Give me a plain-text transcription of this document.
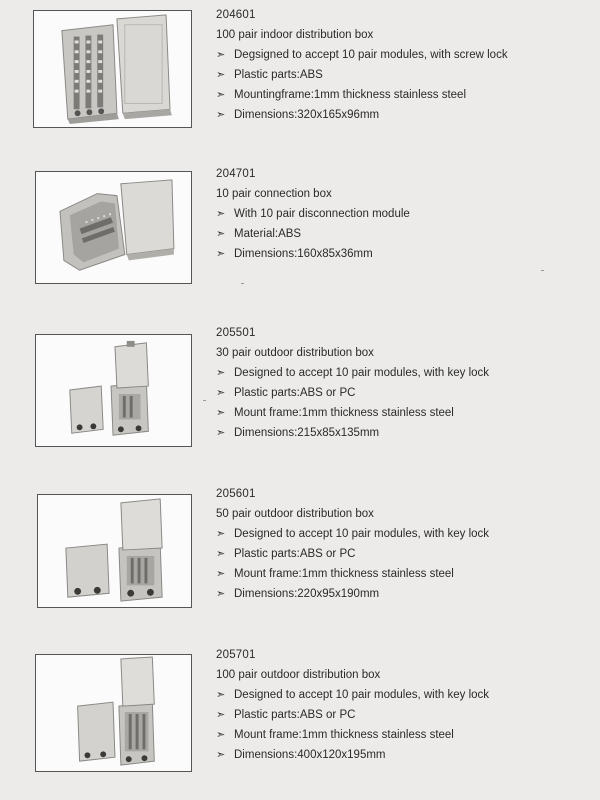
204601
100 pair indoor distribution box
➣ Degsigned to accept 10 pair modules, with screw lock
➣ Plastic parts:ABS
➣ Mountingframe:1mm thickness stainless steel
➣ Dimensions:320x165x96mm
204701
10 pair connection box
➣ With 10 pair disconnection module
➣ Material:ABS
➣ Dimensions:160x85x36mm
205501
30 pair outdoor distribution box
➣ Designed to accept 10 pair modules, with key lock
➣ Plastic parts:ABS or PC
➣ Mount frame:1mm thickness stainless steel
➣ Dimensions:215x85x135mm
205601
50 pair outdoor distribution box
➣ Designed to accept 10 pair modules, with key lock
➣ Plastic parts:ABS or PC
➣ Mount frame:1mm thickness stainless steel
➣ Dimensions:220x95x190mm
205701
100 pair outdoor distribution box
➣ Designed to accept 10 pair modules, with key lock
➣ Plastic parts:ABS or PC
➣ Mount frame:1mm thickness stainless steel
➣ Dimensions:400x120x195mm
